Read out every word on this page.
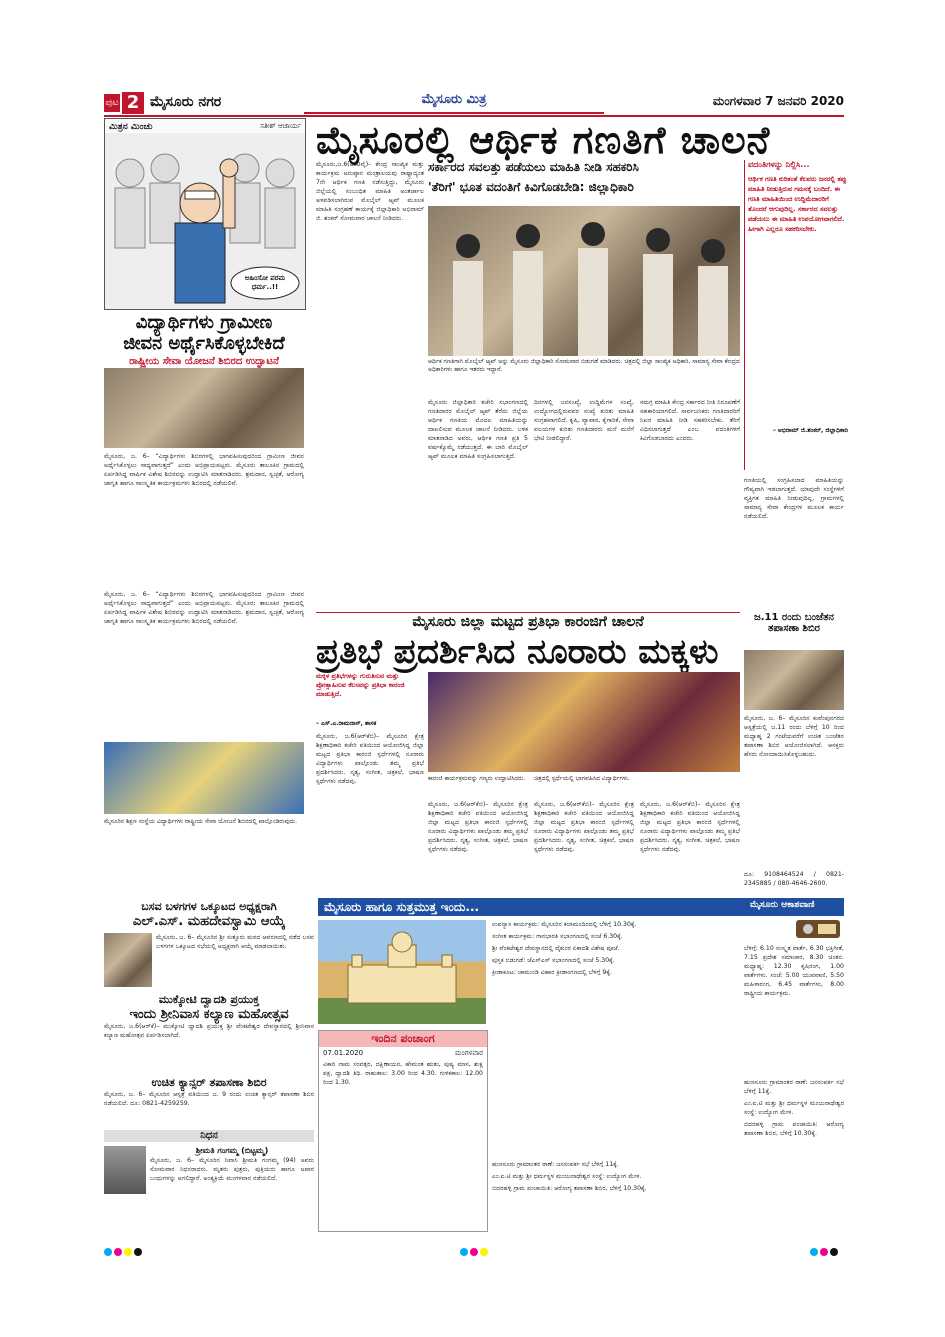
ಪುಟ 2 ಮೈಸೂರು ನಗರ	ಮೈಸೂರು ಮಿತ್ರ	ಮಂಗಳವಾರ 7 ಜನವರಿ 2020
ಮಿತ್ರನ ಮಿಂಚು	ಸತೀಶ್ ಆಚಾರ್ಯ
ಅಹಿಂಸೋ ಪರಮ ಧರ್ಮ..!!
ವಿದ್ಯಾರ್ಥಿಗಳು ಗ್ರಾಮೀಣ
ಜೀವನ ಅರ್ಥೈಸಿಕೊಳ್ಳಬೇಕಿದೆ
ರಾಷ್ಟ್ರೀಯ ಸೇವಾ ಯೋಜನೆ ಶಿಬಿರದ ಉದ್ಘಾಟನೆ
ಮೈಸೂರು, ಜ. 6– “ವಿದ್ಯಾರ್ಥಿಗಳು ಶಿಬಿರಗಳಲ್ಲಿ ಭಾಗವಹಿಸುವುದರಿಂದ ಗ್ರಾಮೀಣ ಜೀವನ ಅರ್ಥೈಸಿಕೊಳ್ಳಲು ಸಾಧ್ಯವಾಗುತ್ತದೆ” ಎಂದು ಅಭಿಪ್ರಾಯಪಟ್ಟರು. ಮೈಸೂರು ತಾಲೂಕಿನ ಗ್ರಾಮದಲ್ಲಿ ಏರ್ಪಡಿಸಿದ್ದ ವಾರ್ಷಿಕ ವಿಶೇಷ ಶಿಬಿರವನ್ನು ಉದ್ಘಾಟಿಸಿ ಮಾತನಾಡಿದರು. ಶ್ರಮದಾನ, ಸ್ವಚ್ಛತೆ, ಆರೋಗ್ಯ ಜಾಗೃತಿ ಹಾಗೂ ಸಾಂಸ್ಕೃತಿಕ ಕಾರ್ಯಕ್ರಮಗಳು ಶಿಬಿರದಲ್ಲಿ ನಡೆಯಲಿವೆ.
ಮೈಸೂರಿನ ಶಿಕ್ಷಣ ಸಂಸ್ಥೆಯ ವಿದ್ಯಾರ್ಥಿಗಳು ರಾಷ್ಟ್ರೀಯ ಸೇವಾ ಯೋಜನೆ ಶಿಬಿರದಲ್ಲಿ ಪಾಲ್ಗೊಂಡಿರುವುದು.
ಮೈಸೂರು, ಜ. 6– “ವಿದ್ಯಾರ್ಥಿಗಳು ಶಿಬಿರಗಳಲ್ಲಿ ಭಾಗವಹಿಸುವುದರಿಂದ ಗ್ರಾಮೀಣ ಜೀವನ ಅರ್ಥೈಸಿಕೊಳ್ಳಲು ಸಾಧ್ಯವಾಗುತ್ತದೆ” ಎಂದು ಅಭಿಪ್ರಾಯಪಟ್ಟರು. ಮೈಸೂರು ತಾಲೂಕಿನ ಗ್ರಾಮದಲ್ಲಿ ಏರ್ಪಡಿಸಿದ್ದ ವಾರ್ಷಿಕ ವಿಶೇಷ ಶಿಬಿರವನ್ನು ಉದ್ಘಾಟಿಸಿ ಮಾತನಾಡಿದರು. ಶ್ರಮದಾನ, ಸ್ವಚ್ಛತೆ, ಆರೋಗ್ಯ ಜಾಗೃತಿ ಹಾಗೂ ಸಾಂಸ್ಕೃತಿಕ ಕಾರ್ಯಕ್ರಮಗಳು ಶಿಬಿರದಲ್ಲಿ ನಡೆಯಲಿವೆ.
ಮೈಸೂರಲ್ಲಿ ಆರ್ಥಿಕ ಗಣತಿಗೆ ಚಾಲನೆ
ಮೈಸೂರು,ಜ.6(ಎಂಟಿವೈ)– ಕೇಂದ್ರ ಸಾಂಖ್ಯಿಕ ಮತ್ತು ಕಾರ್ಯಕ್ರಮ ಅನುಷ್ಠಾನ ಮಂತ್ರಾಲಯವು ರಾಷ್ಟ್ರಾದ್ಯಂತ 7ನೇ ಆರ್ಥಿಕ ಗಣತಿ ನಡೆಸುತ್ತಿದ್ದು, ಮೈಸೂರು ಜಿಲ್ಲೆಯಲ್ಲಿ ಸಂಬಂಧಿತ ಮಾಹಿತಿ ಅಂತರ್ಜಾಲ ಅಳವಡಿಸಲಾಗಿರುವ ಮೊಬೈಲ್ ಆ್ಯಪ್ ಮೂಲಕ ಮಾಹಿತಿ ಸಂಗ್ರಹಣೆ ಕಾರ್ಯಕ್ಕೆ ಜಿಲ್ಲಾಧಿಕಾರಿ ಅಭಿರಾಮ್ ಜಿ. ಶಂಕರ್ ಸೋಮವಾರ ಚಾಲನೆ ನೀಡಿದರು.
ಸರ್ಕಾರದ ಸವಲತ್ತು ಪಡೆಯಲು ಮಾಹಿತಿ ನೀಡಿ ಸಹಕರಿಸಿ
'ತೆರಿಗೆ' ಭೂತ ವದಂತಿಗೆ ಕಿವಿಗೊಡಬೇಡಿ: ಜಿಲ್ಲಾಧಿಕಾರಿ
ಆರ್ಥಿಕ ಗಣತಿಗಾಗಿ ಮೊಬೈಲ್ ಆ್ಯಪ್ ಅನ್ನು ಮೈಸೂರು ಜಿಲ್ಲಾಧಿಕಾರಿ ಸೋಮವಾರ ಬಿಡುಗಡೆ ಮಾಡಿದರು. ಚಿತ್ರದಲ್ಲಿ ಜಿಲ್ಲಾ ಸಾಂಖ್ಯಿಕ ಅಧಿಕಾರಿ, ಸಾಮಾನ್ಯ ಸೇವಾ ಕೇಂದ್ರದ ಅಧಿಕಾರಿಗಳು ಹಾಗೂ ಇತರರು ಇದ್ದಾರೆ.
ಮೈಸೂರು ಜಿಲ್ಲಾಧಿಕಾರಿ ಕಚೇರಿ ಸಭಾಂಗಣದಲ್ಲಿ ಗಣತಿದಾರರ ಮೊಬೈಲ್ ಆ್ಯಪ್ ತೆರೆದು ಜಿಲ್ಲೆಯ ಆರ್ಥಿಕ ಗಣತಿಯ ಮೊದಲ ಮಾಹಿತಿಯನ್ನು ದಾಖಲಿಸುವ ಮೂಲಕ ಚಾಲನೆ ನೀಡಿದರು. ಬಳಿಕ ಮಾತನಾಡಿದ ಅವರು, ಆರ್ಥಿಕ ಗಣತಿ ಪ್ರತಿ 5 ವರ್ಷಕ್ಕೊಮ್ಮೆ ನಡೆಯುತ್ತದೆ. ಈ ಬಾರಿ ಮೊಬೈಲ್ ಆ್ಯಪ್ ಮೂಲಕ ಮಾಹಿತಿ ಸಂಗ್ರಹಿಸಲಾಗುತ್ತಿದೆ.
ದಿನಗಳಲ್ಲಿ ಜನಸಂಖ್ಯೆ, ಉದ್ದಿಮೆಗಳ ಸಂಖ್ಯೆ, ಉದ್ಯೋಗದಲ್ಲಿರುವವರ ಸಂಖ್ಯೆ ಕುರಿತು ಮಾಹಿತಿ ಸಂಗ್ರಹವಾಗಲಿದೆ. ಕೃಷಿ, ವ್ಯಾಪಾರ, ಕೈಗಾರಿಕೆ, ಸೇವಾ ವಲಯಗಳ ಕುರಿತು ಗಣತಿದಾರರು ಮನೆ ಮನೆಗೆ ಭೇಟಿ ನೀಡಲಿದ್ದಾರೆ.
ಸಮಗ್ರ ಮಾಹಿತಿ ಕೇಂದ್ರ ಸರ್ಕಾರದ ನೀತಿ ನಿರೂಪಣೆಗೆ ಸಹಕಾರಿಯಾಗಲಿದೆ. ಸಾರ್ವಜನಿಕರು ಗಣತಿದಾರರಿಗೆ ನಿಖರ ಮಾಹಿತಿ ನೀಡಿ ಸಹಕರಿಸಬೇಕು. ತೆರಿಗೆ ವಿಧಿಸಲಾಗುತ್ತದೆ ಎಂಬ ವದಂತಿಗಳಿಗೆ ಕಿವಿಗೊಡಬಾರದು ಎಂದರು.
ಗಣತಿಯಲ್ಲಿ ಸಂಗ್ರಹಿಸಲಾದ ಮಾಹಿತಿಯನ್ನು ಗೌಪ್ಯವಾಗಿ ಇಡಲಾಗುತ್ತದೆ. ಯಾವುದೇ ಸಂಸ್ಥೆಗಳಿಗೆ ವ್ಯಕ್ತಿಗತ ಮಾಹಿತಿ ನೀಡುವುದಿಲ್ಲ. ಗ್ರಾಮಗಳಲ್ಲಿ ಸಾಮಾನ್ಯ ಸೇವಾ ಕೇಂದ್ರಗಳ ಮೂಲಕ ಕಾರ್ಯ ನಡೆಯಲಿದೆ.
ವದಂತಿಗಳನ್ನು ನಿಲ್ಲಿಸಿ...
ಆರ್ಥಿಕ ಗಣತಿ ಕುರಿತಂತೆ ಕೆಲವರು ಜನರಲ್ಲಿ ತಪ್ಪು ಮಾಹಿತಿ ನೀಡುತ್ತಿರುವ ಗಮನಕ್ಕೆ ಬಂದಿದೆ. ಈ ಗಣತಿ ಮಾಹಿತಿಯಿಂದ ಉದ್ದಿಮೆದಾರರಿಗೆ ತೊಂದರೆ ಆಗುವುದಿಲ್ಲ. ಸರ್ಕಾರದ ಸವಲತ್ತು ಪಡೆಯಲು ಈ ಮಾಹಿತಿ ಉಪಯೋಗವಾಗಲಿದೆ. ಹೀಗಾಗಿ ಎಲ್ಲರೂ ಸಹಕರಿಸಬೇಕು.
– ಅಭಿರಾಮ್ ಜಿ.ಶಂಕರ್, ಜಿಲ್ಲಾಧಿಕಾರಿ
ಮೈಸೂರು ಜಿಲ್ಲಾ ಮಟ್ಟದ ಪ್ರತಿಭಾ ಕಾರಂಜಿಗೆ ಚಾಲನೆ
ಪ್ರತಿಭೆ ಪ್ರದರ್ಶಿಸಿದ ನೂರಾರು ಮಕ್ಕಳು
ಮಕ್ಕಳ ಪ್ರತಿಭೆಗಳನ್ನು ಗುರುತಿಸುವ ಮತ್ತು ಪ್ರೋತ್ಸಾಹಿಸುವ ಕೆಲಸವನ್ನು ಪ್ರತಿಭಾ ಕಾರಂಜಿ ಮಾಡುತ್ತಿದೆ.
– ಎಸ್.ಎ.ರಾಮದಾಸ್, ಶಾಸಕ
ಮೈಸೂರು, ಜ.6(ಆರ್‌ಕೆಬಿ)– ಮೈಸೂರಿನ ಕ್ಷೇತ್ರ ಶಿಕ್ಷಣಾಧಿಕಾರಿ ಕಚೇರಿ ವತಿಯಿಂದ ಆಯೋಜಿಸಿದ್ದ ಜಿಲ್ಲಾ ಮಟ್ಟದ ಪ್ರತಿಭಾ ಕಾರಂಜಿ ಸ್ಪರ್ಧೆಗಳಲ್ಲಿ ನೂರಾರು ವಿದ್ಯಾರ್ಥಿಗಳು ಪಾಲ್ಗೊಂಡು ತಮ್ಮ ಪ್ರತಿಭೆ ಪ್ರದರ್ಶಿಸಿದರು. ನೃತ್ಯ, ಸಂಗೀತ, ಚಿತ್ರಕಲೆ, ಭಾಷಣ ಸ್ಪರ್ಧೆಗಳು ನಡೆದವು.	ಕಾರಂಜಿ ಕಾರ್ಯಕ್ರಮವನ್ನು ಗಣ್ಯರು ಉದ್ಘಾಟಿಸಿದರು.	ಚಿತ್ರದಲ್ಲಿ ಸ್ಪರ್ಧೆಯಲ್ಲಿ ಭಾಗವಹಿಸಿದ ವಿದ್ಯಾರ್ಥಿಗಳು.
ಮೈಸೂರು, ಜ.6(ಆರ್‌ಕೆಬಿ)– ಮೈಸೂರಿನ ಕ್ಷೇತ್ರ ಶಿಕ್ಷಣಾಧಿಕಾರಿ ಕಚೇರಿ ವತಿಯಿಂದ ಆಯೋಜಿಸಿದ್ದ ಜಿಲ್ಲಾ ಮಟ್ಟದ ಪ್ರತಿಭಾ ಕಾರಂಜಿ ಸ್ಪರ್ಧೆಗಳಲ್ಲಿ ನೂರಾರು ವಿದ್ಯಾರ್ಥಿಗಳು ಪಾಲ್ಗೊಂಡು ತಮ್ಮ ಪ್ರತಿಭೆ ಪ್ರದರ್ಶಿಸಿದರು. ನೃತ್ಯ, ಸಂಗೀತ, ಚಿತ್ರಕಲೆ, ಭಾಷಣ ಸ್ಪರ್ಧೆಗಳು ನಡೆದವು.
ಮೈಸೂರು, ಜ.6(ಆರ್‌ಕೆಬಿ)– ಮೈಸೂರಿನ ಕ್ಷೇತ್ರ ಶಿಕ್ಷಣಾಧಿಕಾರಿ ಕಚೇರಿ ವತಿಯಿಂದ ಆಯೋಜಿಸಿದ್ದ ಜಿಲ್ಲಾ ಮಟ್ಟದ ಪ್ರತಿಭಾ ಕಾರಂಜಿ ಸ್ಪರ್ಧೆಗಳಲ್ಲಿ ನೂರಾರು ವಿದ್ಯಾರ್ಥಿಗಳು ಪಾಲ್ಗೊಂಡು ತಮ್ಮ ಪ್ರತಿಭೆ ಪ್ರದರ್ಶಿಸಿದರು. ನೃತ್ಯ, ಸಂಗೀತ, ಚಿತ್ರಕಲೆ, ಭಾಷಣ ಸ್ಪರ್ಧೆಗಳು ನಡೆದವು.
ಮೈಸೂರು, ಜ.6(ಆರ್‌ಕೆಬಿ)– ಮೈಸೂರಿನ ಕ್ಷೇತ್ರ ಶಿಕ್ಷಣಾಧಿಕಾರಿ ಕಚೇರಿ ವತಿಯಿಂದ ಆಯೋಜಿಸಿದ್ದ ಜಿಲ್ಲಾ ಮಟ್ಟದ ಪ್ರತಿಭಾ ಕಾರಂಜಿ ಸ್ಪರ್ಧೆಗಳಲ್ಲಿ ನೂರಾರು ವಿದ್ಯಾರ್ಥಿಗಳು ಪಾಲ್ಗೊಂಡು ತಮ್ಮ ಪ್ರತಿಭೆ ಪ್ರದರ್ಶಿಸಿದರು. ನೃತ್ಯ, ಸಂಗೀತ, ಚಿತ್ರಕಲೆ, ಭಾಷಣ ಸ್ಪರ್ಧೆಗಳು ನಡೆದವು.
ಜ.11 ರಂದು ಬಂಜೆತನ ತಪಾಸಣಾ ಶಿಬಿರ
ಮೈಸೂರು, ಜ. 6– ಮೈಸೂರಿನ ಕುವೆಂಪುನಗರದ ಆಸ್ಪತ್ರೆಯಲ್ಲಿ ಜ.11 ರಂದು ಬೆಳಿಗ್ಗೆ 10 ರಿಂದ ಮಧ್ಯಾಹ್ನ 2 ಗಂಟೆಯವರೆಗೆ ಉಚಿತ ಬಂಜೆತನ ತಪಾಸಣಾ ಶಿಬಿರ ಆಯೋಜಿಸಲಾಗಿದೆ. ಆಸಕ್ತರು ಹೆಸರು ನೋಂದಾಯಿಸಿಕೊಳ್ಳಬಹುದು.
ದೂ: 9108464524 / 0821-2345885 / 080-4646-2600.
ಬಸವ ಬಳಗಗಳ ಒಕ್ಕೂಟದ ಅಧ್ಯಕ್ಷರಾಗಿ
ಎಲ್.ಎಸ್. ಮಹದೇವಸ್ವಾಮಿ ಆಯ್ಕೆ
ಮೈಸೂರು, ಜ. 6– ಮೈಸೂರಿನ ಶ್ರೀ ಸುತ್ತೂರು ಮಠದ ಆವರಣದಲ್ಲಿ ನಡೆದ ಬಸವ ಬಳಗಗಳ ಒಕ್ಕೂಟದ ಸಭೆಯಲ್ಲಿ ಅಧ್ಯಕ್ಷರಾಗಿ ಆಯ್ಕೆ ಮಾಡಲಾಯಿತು.
ಮುಕ್ಕೋಟಿ ದ್ವಾದಶಿ ಪ್ರಯುಕ್ತ
ಇಂದು ಶ್ರೀನಿವಾಸ ಕಲ್ಯಾಣ ಮಹೋತ್ಸವ
ಮೈಸೂರು, ಜ.6(ಆರ್‌ಕೆ)– ಮುಕ್ಕೋಟಿ ದ್ವಾದಶಿ ಪ್ರಯುಕ್ತ ಶ್ರೀ ವೆಂಕಟೇಶ್ವರ ದೇವಸ್ಥಾನದಲ್ಲಿ ಶ್ರೀನಿವಾಸ ಕಲ್ಯಾಣ ಮಹೋತ್ಸವ ಏರ್ಪಡಿಸಲಾಗಿದೆ.
ಉಚಿತ ಕ್ಯಾನ್ಸರ್ ತಪಾಸಣಾ ಶಿಬಿರ
ಮೈಸೂರು, ಜ. 6– ಮೈಸೂರಿನ ಆಸ್ಪತ್ರೆ ವತಿಯಿಂದ ಜ. 9 ರಂದು ಉಚಿತ ಕ್ಯಾನ್ಸರ್ ತಪಾಸಣಾ ಶಿಬಿರ ನಡೆಯಲಿದೆ. ದೂ: 0821-4259259.
ನಿಧನ
ಶ್ರೀಮತಿ ಗಂಗಮ್ಮ (ಬಿಟ್ಟಮ್ಮ)
ಮೈಸೂರು, ಜ. 6– ಮೈಸೂರಿನ ನಿವಾಸಿ ಶ್ರೀಮತಿ ಗಂಗಮ್ಮ (94) ಅವರು ಸೋಮವಾರ ನಿಧನರಾದರು. ಮೃತರು ಪುತ್ರರು, ಪುತ್ರಿಯರು ಹಾಗೂ ಅಪಾರ ಬಂಧುಗಳನ್ನು ಅಗಲಿದ್ದಾರೆ. ಅಂತ್ಯಕ್ರಿಯೆ ಮಂಗಳವಾರ ನಡೆಯಲಿದೆ.
ಮೈಸೂರು ಹಾಗೂ ಸುತ್ತಮುತ್ತ ಇಂದು...

ಉಪನ್ಯಾಸ ಕಾರ್ಯಕ್ರಮ: ಮೈಸೂರಿನ ಕಲಾಮಂದಿರದಲ್ಲಿ ಬೆಳಿಗ್ಗೆ 10.30ಕ್ಕೆ.

ಸಂಗೀತ ಕಾರ್ಯಕ್ರಮ: ಗಾನಭಾರತಿ ಸಭಾಂಗಣದಲ್ಲಿ ಸಂಜೆ 6.30ಕ್ಕೆ.

ಶ್ರೀ ವೆಂಕಟೇಶ್ವರ ದೇವಸ್ಥಾನದಲ್ಲಿ ವೈಕುಂಠ ಏಕಾದಶಿ ವಿಶೇಷ ಪೂಜೆ.

ಪುಸ್ತಕ ಬಿಡುಗಡೆ: ಜೆಎಸ್‌ಎಸ್ ಸಭಾಂಗಣದಲ್ಲಿ ಸಂಜೆ 5.30ಕ್ಕೆ.

ಕ್ರೀಡಾಕೂಟ: ಚಾಮುಂಡಿ ವಿಹಾರ ಕ್ರೀಡಾಂಗಣದಲ್ಲಿ ಬೆಳಿಗ್ಗೆ 9ಕ್ಕೆ.

ಇಂದಿನ ಪಂಚಾಂಗ
07.01.2020	ಮಂಗಳವಾರ
ವಿಕಾರಿ ನಾಮ ಸಂವತ್ಸರ, ದಕ್ಷಿಣಾಯನ, ಹೇಮಂತ ಋತು, ಪುಷ್ಯ ಮಾಸ, ಶುಕ್ಲ ಪಕ್ಷ, ದ್ವಾದಶಿ ತಿಥಿ. ರಾಹುಕಾಲ: 3.00 ರಿಂದ 4.30. ಗುಳಿಕಕಾಲ: 12.00 ರಿಂದ 1.30.
ಮೈಸೂರು ಆಕಾಶವಾಣಿ
ಬೆಳಿಗ್ಗೆ: 6.10 ಸಂಸ್ಕೃತ ವಾರ್ತೆ, 6.30 ಭಕ್ತಿಗೀತೆ, 7.15 ಪ್ರದೇಶ ಸಮಾಚಾರ, 8.30 ಚಿಂತನ. ಮಧ್ಯಾಹ್ನ: 12.30 ಕೃಷಿರಂಗ, 1.00 ವಾರ್ತೆಗಳು. ಸಂಜೆ: 5.00 ಯುವವಾಣಿ, 5.50 ಮಹಿಳಾರಂಗ, 6.45 ವಾರ್ತೆಗಳು, 8.00 ರಾಷ್ಟ್ರೀಯ ಕಾರ್ಯಕ್ರಮ.

ಹುಣಸೂರು ಗ್ರಾಮಾಂತರ ಠಾಣೆ: ಜನಸಂಪರ್ಕ ಸಭೆ ಬೆಳಿಗ್ಗೆ 11ಕ್ಕೆ.

ಎಂ.ಐ.ಟಿ ಮತ್ತು ಶ್ರೀ ಧರ್ಮಸ್ಥಳ ಮಂಜುನಾಥೇಶ್ವರ ಸಂಸ್ಥೆ: ಉದ್ಯೋಗ ಮೇಳ.

ಬಿದರಹಳ್ಳಿ ಗ್ರಾಮ ಪಂಚಾಯಿತಿ: ಆರೋಗ್ಯ ತಪಾಸಣಾ ಶಿಬಿರ, ಬೆಳಿಗ್ಗೆ 10.30ಕ್ಕೆ.

ಹುಣಸೂರು ಗ್ರಾಮಾಂತರ ಠಾಣೆ: ಜನಸಂಪರ್ಕ ಸಭೆ ಬೆಳಿಗ್ಗೆ 11ಕ್ಕೆ.

ಎಂ.ಐ.ಟಿ ಮತ್ತು ಶ್ರೀ ಧರ್ಮಸ್ಥಳ ಮಂಜುನಾಥೇಶ್ವರ ಸಂಸ್ಥೆ: ಉದ್ಯೋಗ ಮೇಳ.

ಬಿದರಹಳ್ಳಿ ಗ್ರಾಮ ಪಂಚಾಯಿತಿ: ಆರೋಗ್ಯ ತಪಾಸಣಾ ಶಿಬಿರ, ಬೆಳಿಗ್ಗೆ 10.30ಕ್ಕೆ.
